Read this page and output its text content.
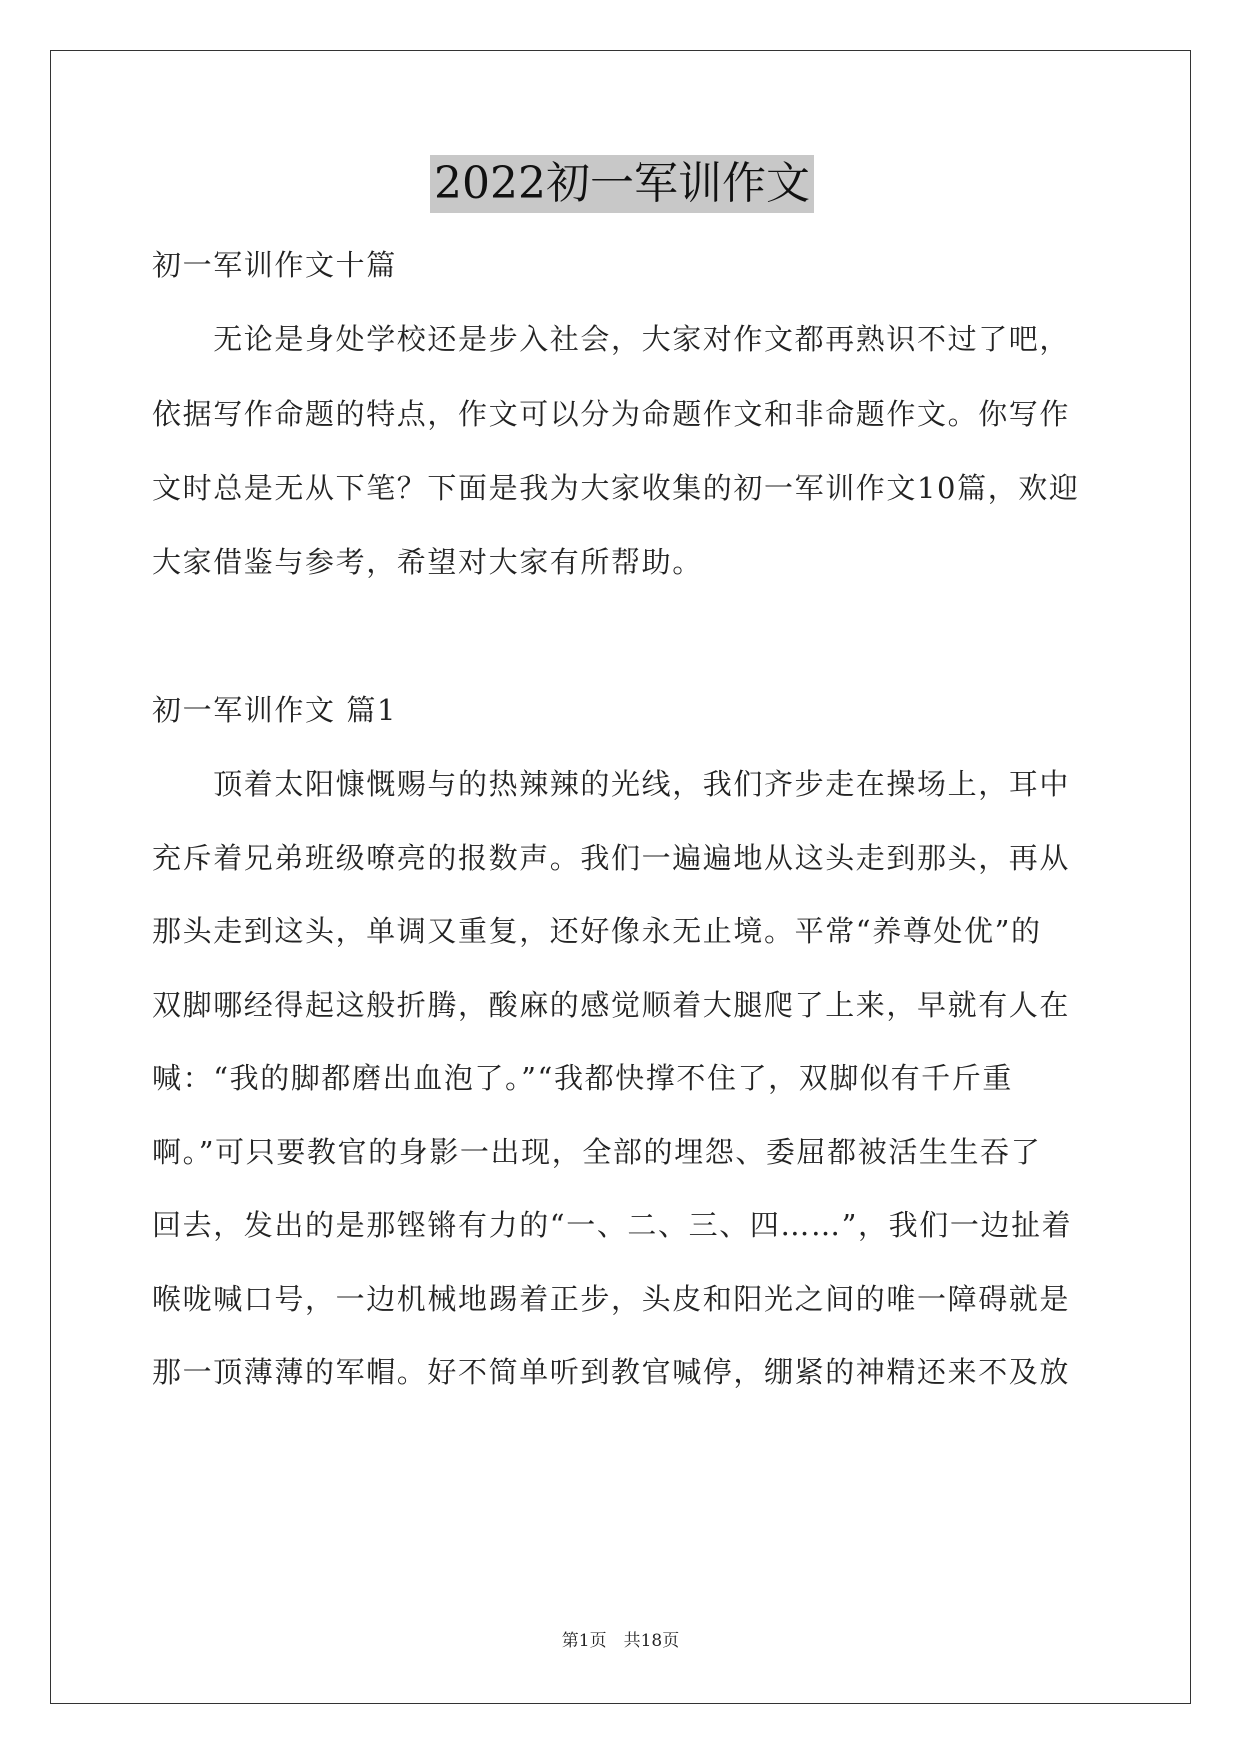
2022初一军训作文
初一军训作文十篇
　　无论是身处学校还是步入社会，大家对作文都再熟识不过了吧，
依据写作命题的特点，作文可以分为命题作文和非命题作文。你写作
文时总是无从下笔？下面是我为大家收集的初一军训作文10篇，欢迎
大家借鉴与参考，希望对大家有所帮助。
初一军训作文 篇1
　　顶着太阳慷慨赐与的热辣辣的光线，我们齐步走在操场上，耳中
充斥着兄弟班级嘹亮的报数声。我们一遍遍地从这头走到那头，再从
那头走到这头，单调又重复，还好像永无止境。平常“养尊处优”的
双脚哪经得起这般折腾，酸麻的感觉顺着大腿爬了上来，早就有人在
喊：“我的脚都磨出血泡了。”“我都快撑不住了，双脚似有千斤重
啊。”可只要教官的身影一出现，全部的埋怨、委屈都被活生生吞了
回去，发出的是那铿锵有力的“一、二、三、四……”，我们一边扯着
喉咙喊口号，一边机械地踢着正步，头皮和阳光之间的唯一障碍就是
那一顶薄薄的军帽。好不简单听到教官喊停，绷紧的神精还来不及放
第1页　共18页
